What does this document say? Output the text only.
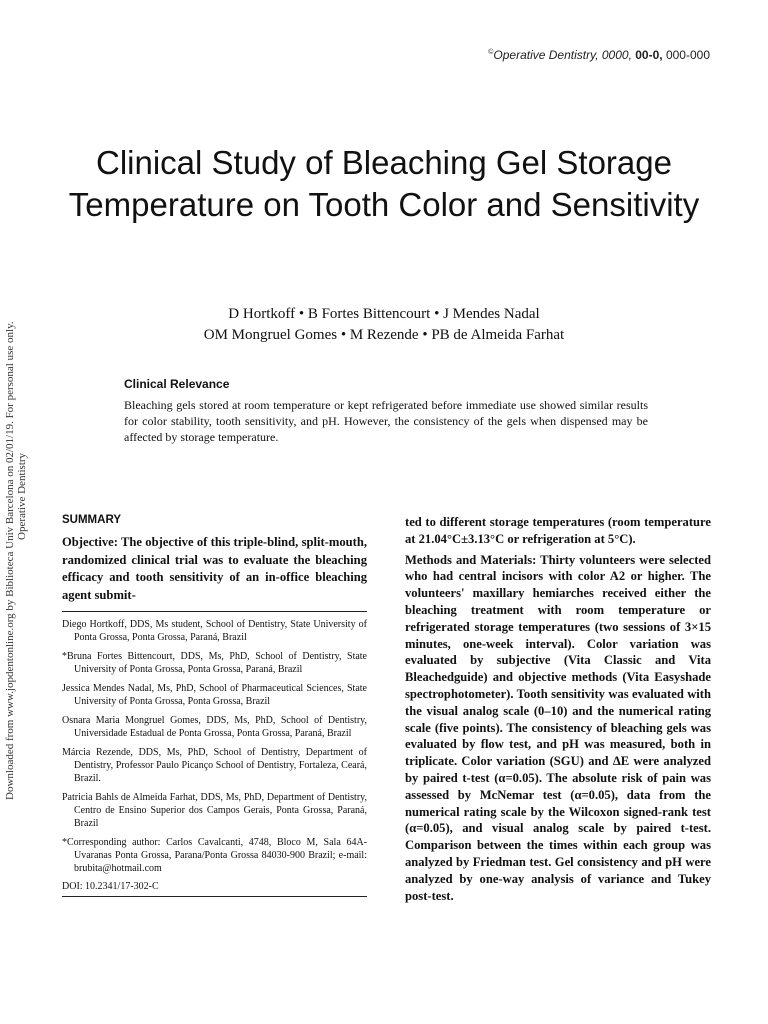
©Operative Dentistry, 0000, 00-0, 000-000
Downloaded from www.jopdentonline.org by Biblioteca Univ Barcelona on 02/01/19. For personal use only. Operative Dentistry
Clinical Study of Bleaching Gel Storage Temperature on Tooth Color and Sensitivity
D Hortkoff • B Fortes Bittencourt • J Mendes Nadal
OM Mongruel Gomes • M Rezende • PB de Almeida Farhat
Clinical Relevance

Bleaching gels stored at room temperature or kept refrigerated before immediate use showed similar results for color stability, tooth sensitivity, and pH. However, the consistency of the gels when dispensed may be affected by storage temperature.

SUMMARY

Objective: The objective of this triple-blind, split-mouth, randomized clinical trial was to evaluate the bleaching efficacy and tooth sensitivity of an in-office bleaching agent submit-

Diego Hortkoff, DDS, Ms student, School of Dentistry, State University of Ponta Grossa, Ponta Grossa, Paraná, Brazil

*Bruna Fortes Bittencourt, DDS, Ms, PhD, School of Dentistry, State University of Ponta Grossa, Ponta Grossa, Paraná, Brazil

Jessica Mendes Nadal, Ms, PhD, School of Pharmaceutical Sciences, State University of Ponta Grossa, Ponta Grossa, Brazil

Osnara Maria Mongruel Gomes, DDS, Ms, PhD, School of Dentistry, Universidade Estadual de Ponta Grossa, Ponta Grossa, Paraná, Brazil

Márcia Rezende, DDS, Ms, PhD, School of Dentistry, Department of Dentistry, Professor Paulo Picanço School of Dentistry, Fortaleza, Ceará, Brazil.

Patricia Bahls de Almeida Farhat, DDS, Ms, PhD, Department of Dentistry, Centro de Ensino Superior dos Campos Gerais, Ponta Grossa, Paraná, Brazil

*Corresponding author: Carlos Cavalcanti, 4748, Bloco M, Sala 64A-Uvaranas Ponta Grossa, Parana/Ponta Grossa 84030-900 Brazil; e-mail: brubita@hotmail.com

DOI: 10.2341/17-302-C

ted to different storage temperatures (room temperature at 21.04°C±3.13°C or refrigeration at 5°C).

Methods and Materials: Thirty volunteers were selected who had central incisors with color A2 or higher. The volunteers' maxillary hemiarches received either the bleaching treatment with room temperature or refrigerated storage temperatures (two sessions of 3×15 minutes, one-week interval). Color variation was evaluated by subjective (Vita Classic and Vita Bleachedguide) and objective methods (Vita Easyshade spectrophotometer). Tooth sensitivity was evaluated with the visual analog scale (0–10) and the numerical rating scale (five points). The consistency of bleaching gels was evaluated by flow test, and pH was measured, both in triplicate. Color variation (SGU) and ΔE were analyzed by paired t-test (α=0.05). The absolute risk of pain was assessed by McNemar test (α=0.05), data from the numerical rating scale by the Wilcoxon signed-rank test (α=0.05), and visual analog scale by paired t-test. Comparison between the times within each group was analyzed by Friedman test. Gel consistency and pH were analyzed by one-way analysis of variance and Tukey post-test.
